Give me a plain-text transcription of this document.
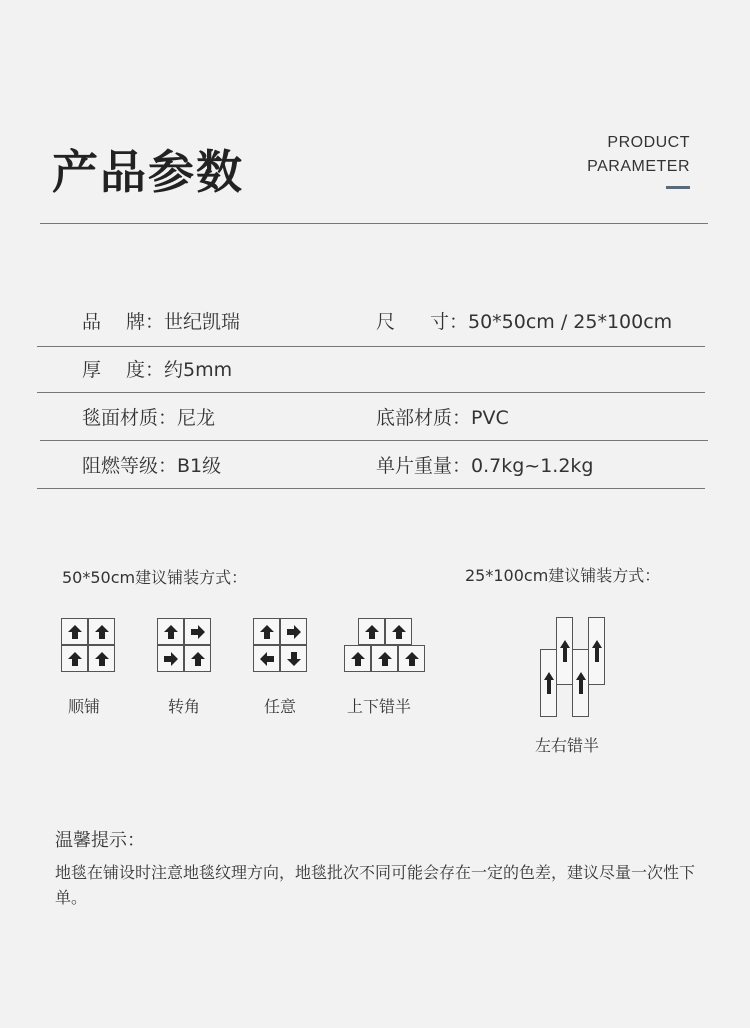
产品参数
PRODUCT
PARAMETER
品 牌： 世纪凯瑞	尺 寸： 50*50cm / 25*100cm
厚 度： 约5mm
毯面材质：尼龙	底部材质：PVC
阻燃等级：B1级	单片重量：0.7kg~1.2kg
50*50cm建议铺装方式：	25*100cm建议铺装方式：
顺铺	转角	任意	上下错半
左右错半
温馨提示：
地毯在铺设时注意地毯纹理方向，地毯批次不同可能会存在一定的色差，建议尽量一次性下单。
